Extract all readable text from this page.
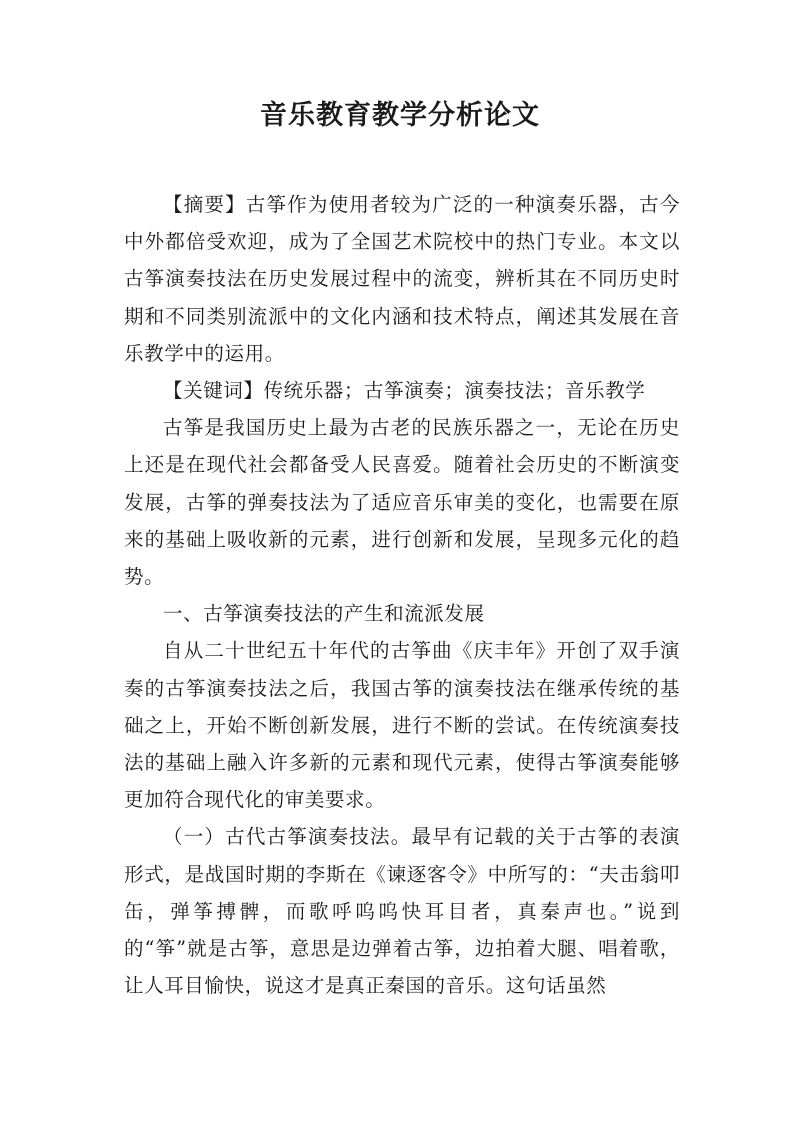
音乐教育教学分析论文

【摘要】古筝作为使用者较为广泛的一种演奏乐器，古今中外都倍受欢迎，成为了全国艺术院校中的热门专业。本文以古筝演奏技法在历史发展过程中的流变，辨析其在不同历史时期和不同类别流派中的文化内涵和技术特点，阐述其发展在音乐教学中的运用。

【关键词】传统乐器；古筝演奏；演奏技法；音乐教学

古筝是我国历史上最为古老的民族乐器之一，无论在历史上还是在现代社会都备受人民喜爱。随着社会历史的不断演变发展，古筝的弹奏技法为了适应音乐审美的变化，也需要在原来的基础上吸收新的元素，进行创新和发展，呈现多元化的趋势。

一、古筝演奏技法的产生和流派发展

自从二十世纪五十年代的古筝曲《庆丰年》开创了双手演奏的古筝演奏技法之后，我国古筝的演奏技法在继承传统的基础之上，开始不断创新发展，进行不断的尝试。在传统演奏技法的基础上融入许多新的元素和现代元素，使得古筝演奏能够更加符合现代化的审美要求。

（一）古代古筝演奏技法。最早有记载的关于古筝的表演形式，是战国时期的李斯在《谏逐客令》中所写的：“夫击翁叩缶，弹筝搏髀，而歌呼呜呜快耳目者，真秦声也。”说到的“筝”就是古筝，意思是边弹着古筝，边拍着大腿、唱着歌，让人耳目愉快，说这才是真正秦国的音乐。这句话虽然
